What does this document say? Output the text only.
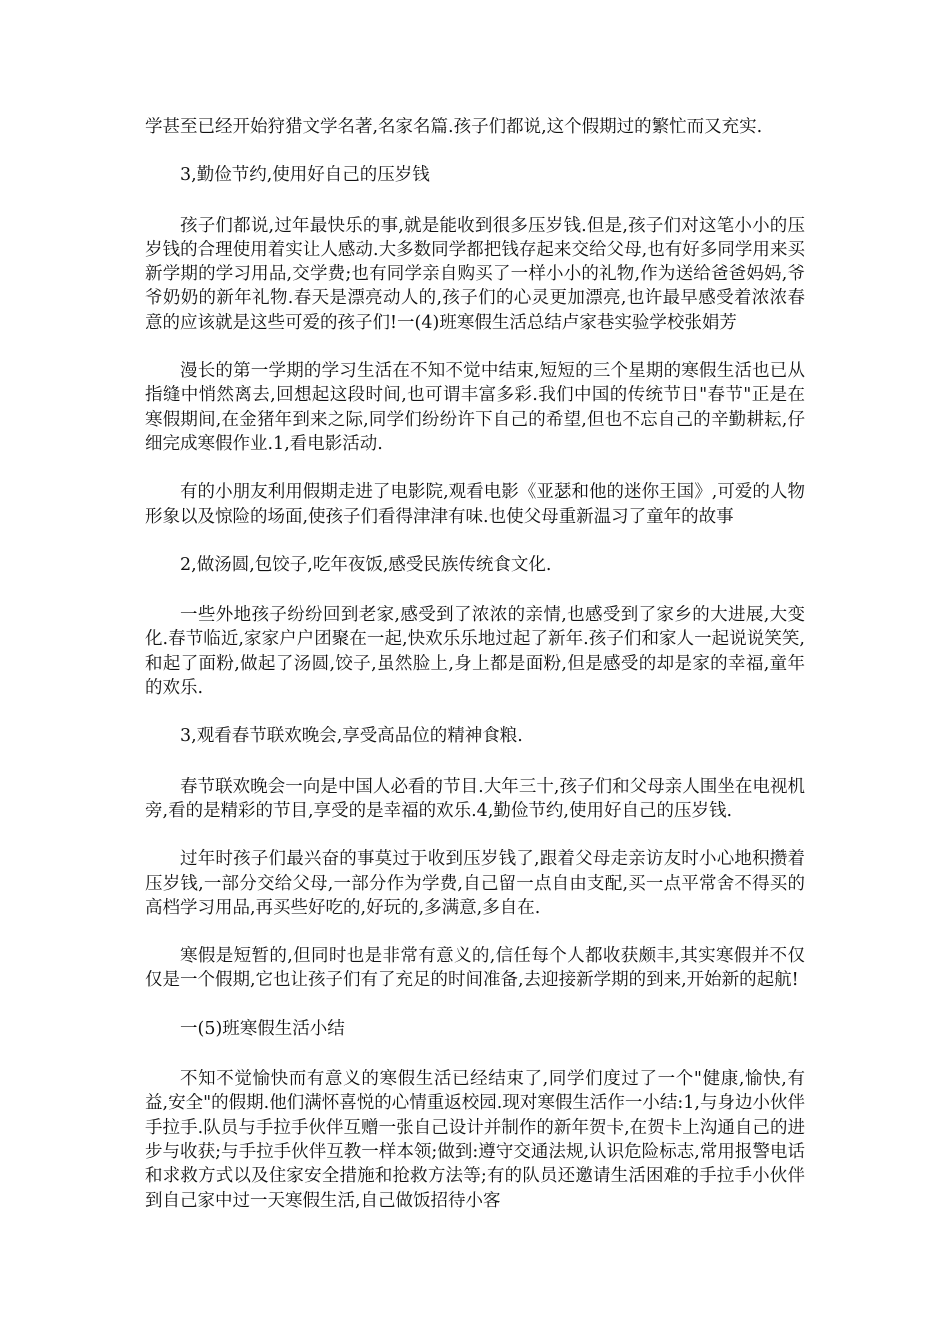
学甚至已经开始狩猎文学名著,名家名篇.孩子们都说,这个假期过的繁忙而又充实.

3,勤俭节约,使用好自己的压岁钱

孩子们都说,过年最快乐的事,就是能收到很多压岁钱.但是,孩子们对这笔小小的压岁钱的合理使用着实让人感动.大多数同学都把钱存起来交给父母,也有好多同学用来买新学期的学习用品,交学费;也有同学亲自购买了一样小小的礼物,作为送给爸爸妈妈,爷爷奶奶的新年礼物.春天是漂亮动人的,孩子们的心灵更加漂亮,也许最早感受着浓浓春意的应该就是这些可爱的孩子们!一(4)班寒假生活总结卢家巷实验学校张娟芳

漫长的第一学期的学习生活在不知不觉中结束,短短的三个星期的寒假生活也已从指缝中悄然离去,回想起这段时间,也可谓丰富多彩.我们中国的传统节日"春节"正是在寒假期间,在金猪年到来之际,同学们纷纷许下自己的希望,但也不忘自己的辛勤耕耘,仔细完成寒假作业.1,看电影活动.

有的小朋友利用假期走进了电影院,观看电影《亚瑟和他的迷你王国》,可爱的人物形象以及惊险的场面,使孩子们看得津津有味.也使父母重新温习了童年的故事

2,做汤圆,包饺子,吃年夜饭,感受民族传统食文化.

一些外地孩子纷纷回到老家,感受到了浓浓的亲情,也感受到了家乡的大进展,大变化.春节临近,家家户户团聚在一起,快欢乐乐地过起了新年.孩子们和家人一起说说笑笑,和起了面粉,做起了汤圆,饺子,虽然脸上,身上都是面粉,但是感受的却是家的幸福,童年的欢乐.

3,观看春节联欢晚会,享受高品位的精神食粮.

春节联欢晚会一向是中国人必看的节目.大年三十,孩子们和父母亲人围坐在电视机旁,看的是精彩的节目,享受的是幸福的欢乐.4,勤俭节约,使用好自己的压岁钱.

过年时孩子们最兴奋的事莫过于收到压岁钱了,跟着父母走亲访友时小心地积攒着压岁钱,一部分交给父母,一部分作为学费,自己留一点自由支配,买一点平常舍不得买的高档学习用品,再买些好吃的,好玩的,多满意,多自在.

寒假是短暂的,但同时也是非常有意义的,信任每个人都收获颇丰,其实寒假并不仅仅是一个假期,它也让孩子们有了充足的时间准备,去迎接新学期的到来,开始新的起航!

一(5)班寒假生活小结

不知不觉愉快而有意义的寒假生活已经结束了,同学们度过了一个"健康,愉快,有益,安全"的假期.他们满怀喜悦的心情重返校园.现对寒假生活作一小结:1,与身边小伙伴手拉手.队员与手拉手伙伴互赠一张自己设计并制作的新年贺卡,在贺卡上沟通自己的进步与收获;与手拉手伙伴互教一样本领;做到:遵守交通法规,认识危险标志,常用报警电话和求救方式以及住家安全措施和抢救方法等;有的队员还邀请生活困难的手拉手小伙伴到自己家中过一天寒假生活,自己做饭招待小客
